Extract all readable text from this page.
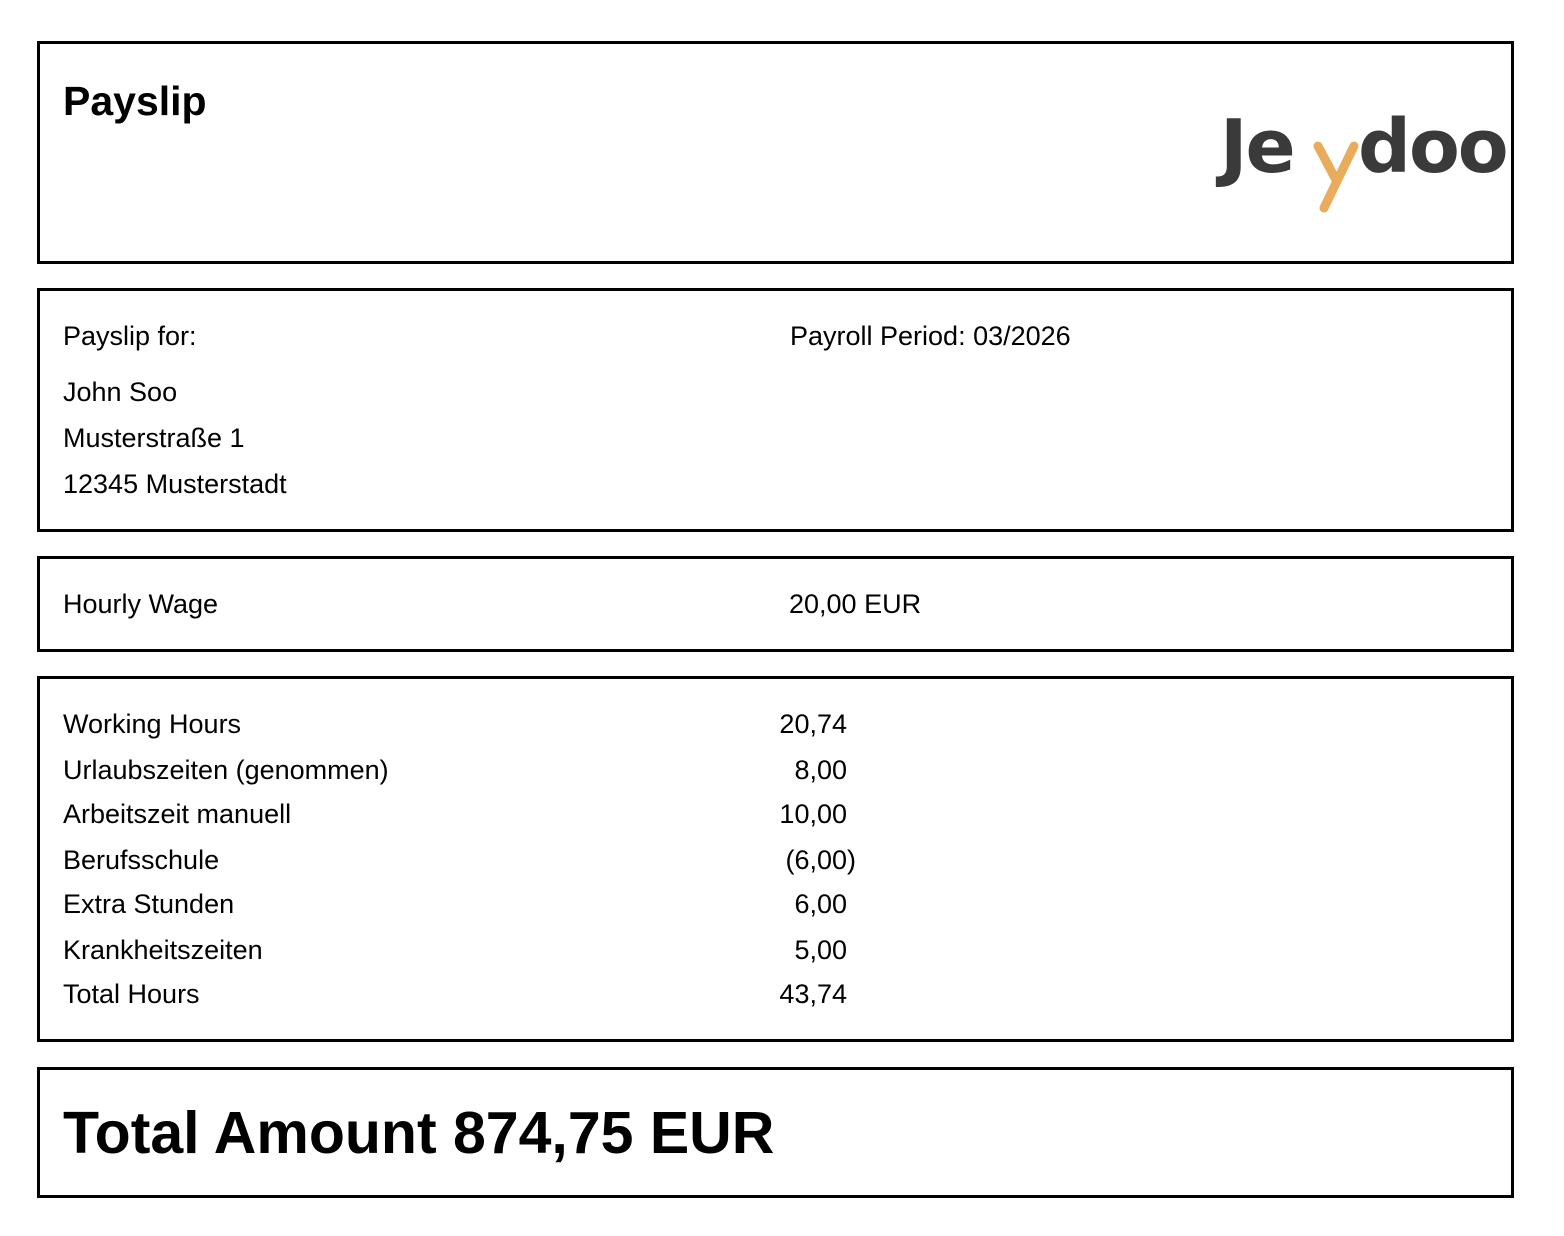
Payslip
Je doo
Payslip for:	Payroll Period: 03/2026
John Soo
Musterstraße 1
12345 Musterstadt
Hourly Wage	20,00 EUR
Working Hours	20,74
Urlaubszeiten (genommen)	8,00
Arbeitszeit manuell	10,00
Berufsschule	(6,00)
Extra Stunden	6,00
Krankheitszeiten	5,00
Total Hours	43,74
Total Amount 874,75 EUR
